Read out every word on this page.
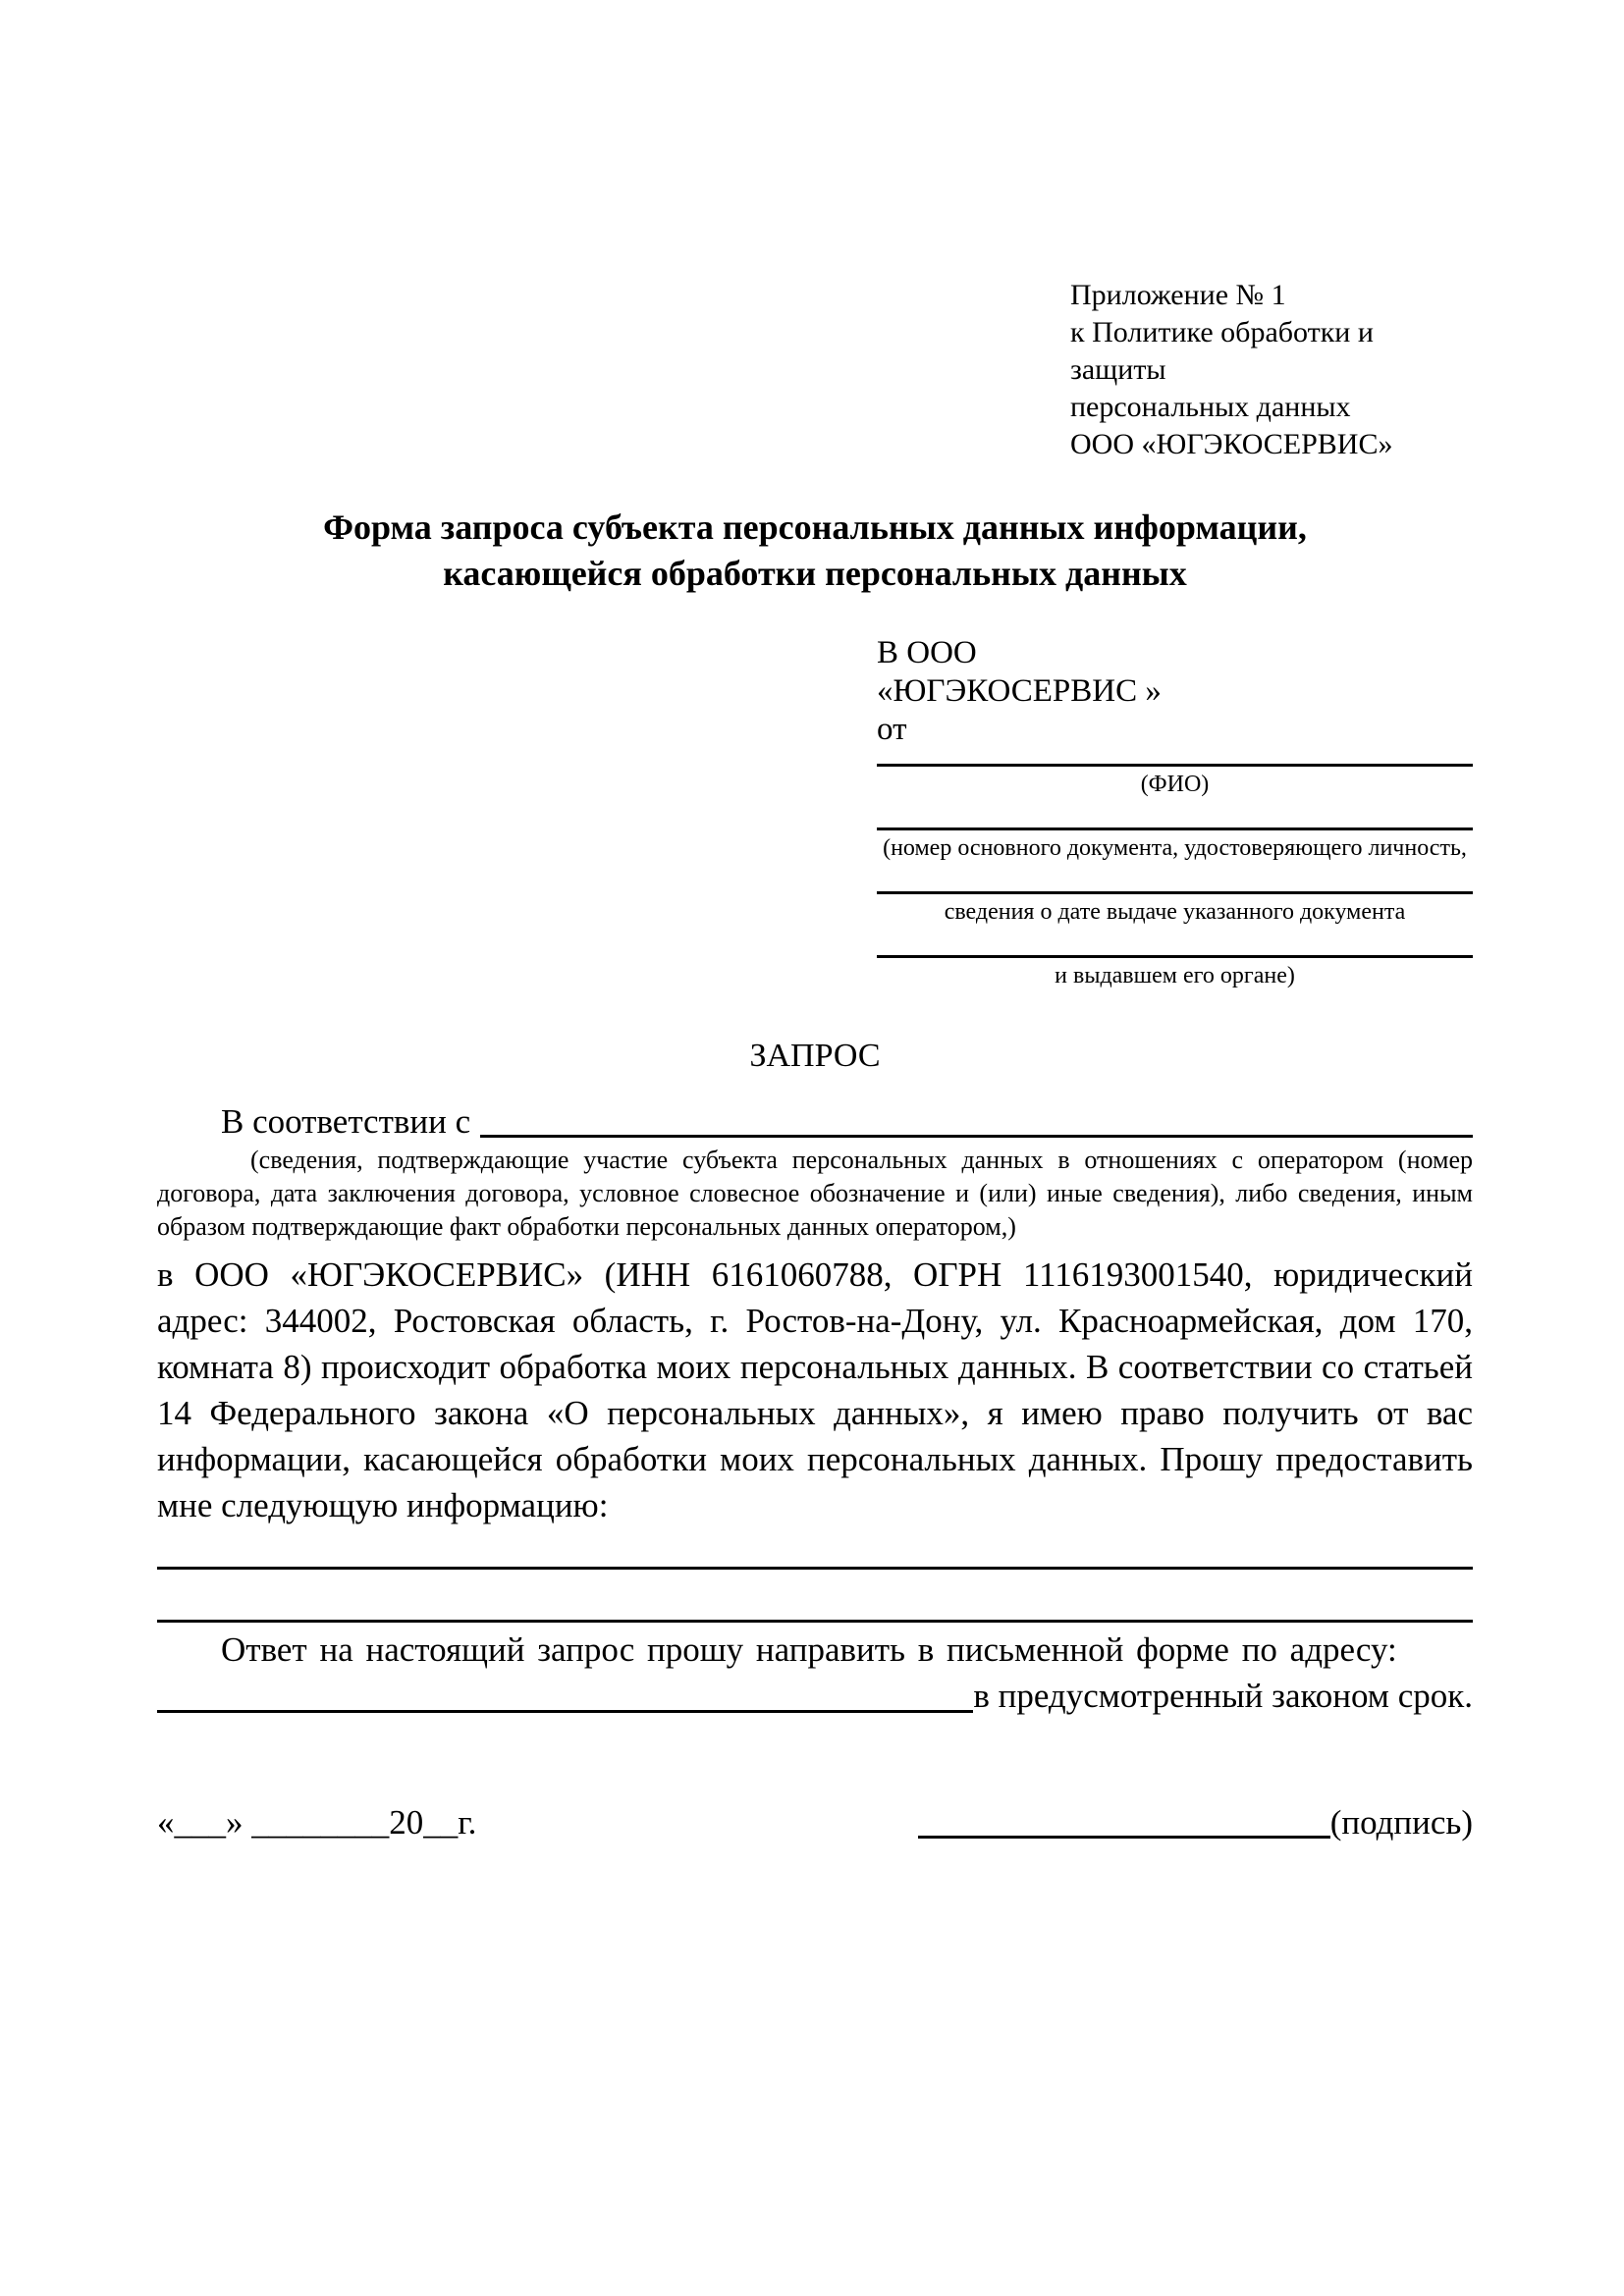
Приложение № 1
к Политике обработки и защиты
персональных данных
ООО «ЮГЭКОСЕРВИС»
Форма запроса субъекта персональных данных информации,
касающейся обработки персональных данных
В ООО
«ЮГЭКОСЕРВИС »
от
(ФИО)
(номер основного документа, удостоверяющего личность,
сведения о дате выдаче указанного документа
и выдавшем его органе)
ЗАПРОС
В соответствии с

(сведения, подтверждающие участие субъекта персональных данных в отношениях с оператором (номер договора, дата заключения договора, условное словесное обозначение и (или) иные сведения), либо сведения, иным образом подтверждающие факт обработки персональных данных оператором,)

в ООО «ЮГЭКОСЕРВИС» (ИНН 6161060788, ОГРН 1116193001540, юридический адрес: 344002, Ростовская область, г. Ростов-на-Дону, ул. Красноармейская, дом 170, комната 8) происходит обработка моих персональных данных. В соответствии со статьей 14 Федерального закона «О персональных данных», я имею право получить от вас информации, касающейся обработки моих персональных данных. Прошу предоставить мне следующую информацию:

Ответ на настоящий запрос прошу направить в письменной форме по адресу:

в предусмотренный законом срок.
«___» ________20__г.	(подпись)
